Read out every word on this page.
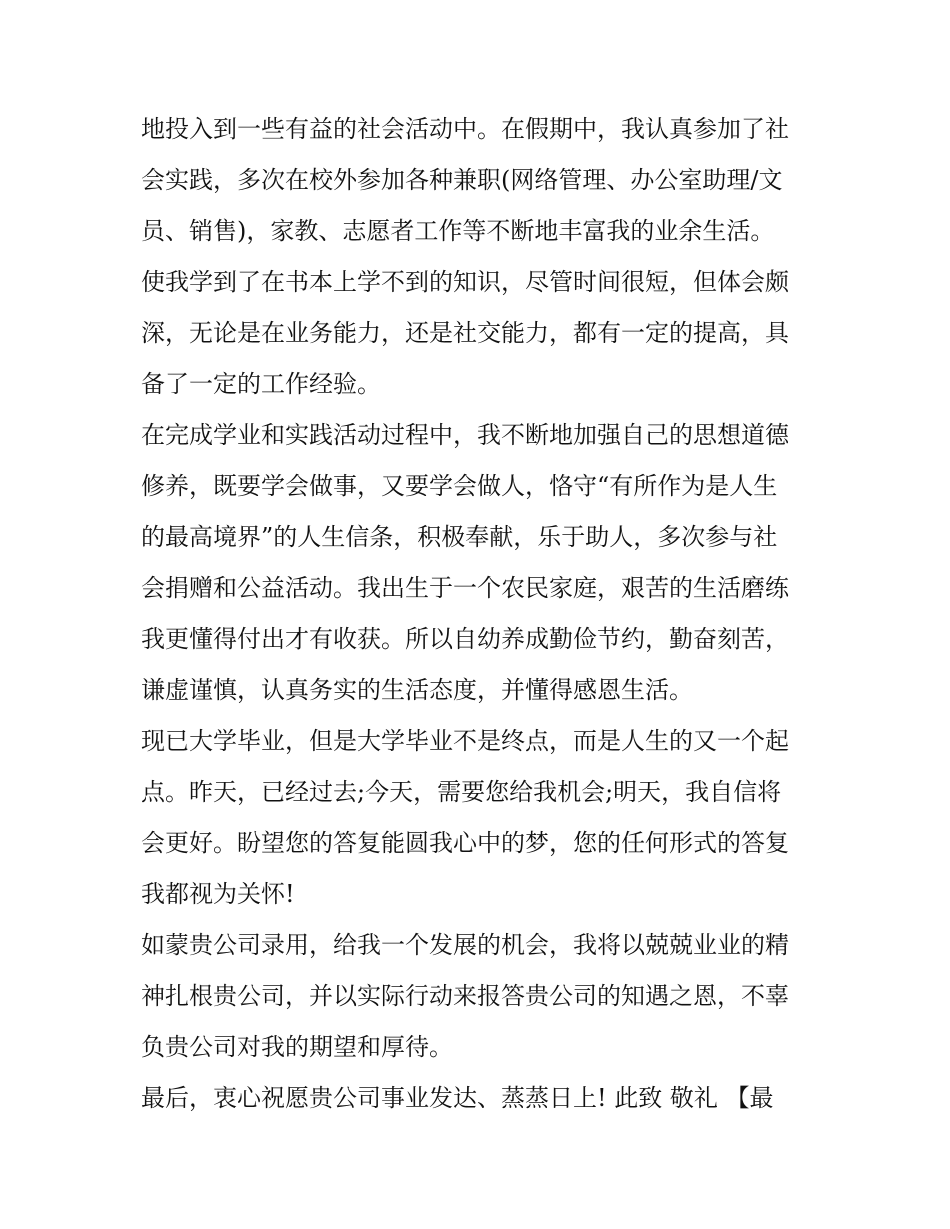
地投入到一些有益的社会活动中。在假期中，我认真参加了社
会实践，多次在校外参加各种兼职(网络管理、办公室助理/文
员、销售)，家教、志愿者工作等不断地丰富我的业余生活。
使我学到了在书本上学不到的知识，尽管时间很短，但体会颇
深，无论是在业务能力，还是社交能力，都有一定的提高，具
备了一定的工作经验。
在完成学业和实践活动过程中，我不断地加强自己的思想道德
修养，既要学会做事，又要学会做人，恪守“有所作为是人生
的最高境界”的人生信条，积极奉献，乐于助人，多次参与社
会捐赠和公益活动。我出生于一个农民家庭，艰苦的生活磨练
我更懂得付出才有收获。所以自幼养成勤俭节约，勤奋刻苦，
谦虚谨慎，认真务实的生活态度，并懂得感恩生活。
现已大学毕业，但是大学毕业不是终点，而是人生的又一个起
点。昨天，已经过去;今天，需要您给我机会;明天，我自信将
会更好。盼望您的答复能圆我心中的梦，您的任何形式的答复
我都视为关怀!
如蒙贵公司录用，给我一个发展的机会，我将以兢兢业业的精
神扎根贵公司，并以实际行动来报答贵公司的知遇之恩，不辜
负贵公司对我的期望和厚待。
最后，衷心祝愿贵公司事业发达、蒸蒸日上! 此致 敬礼 【最
